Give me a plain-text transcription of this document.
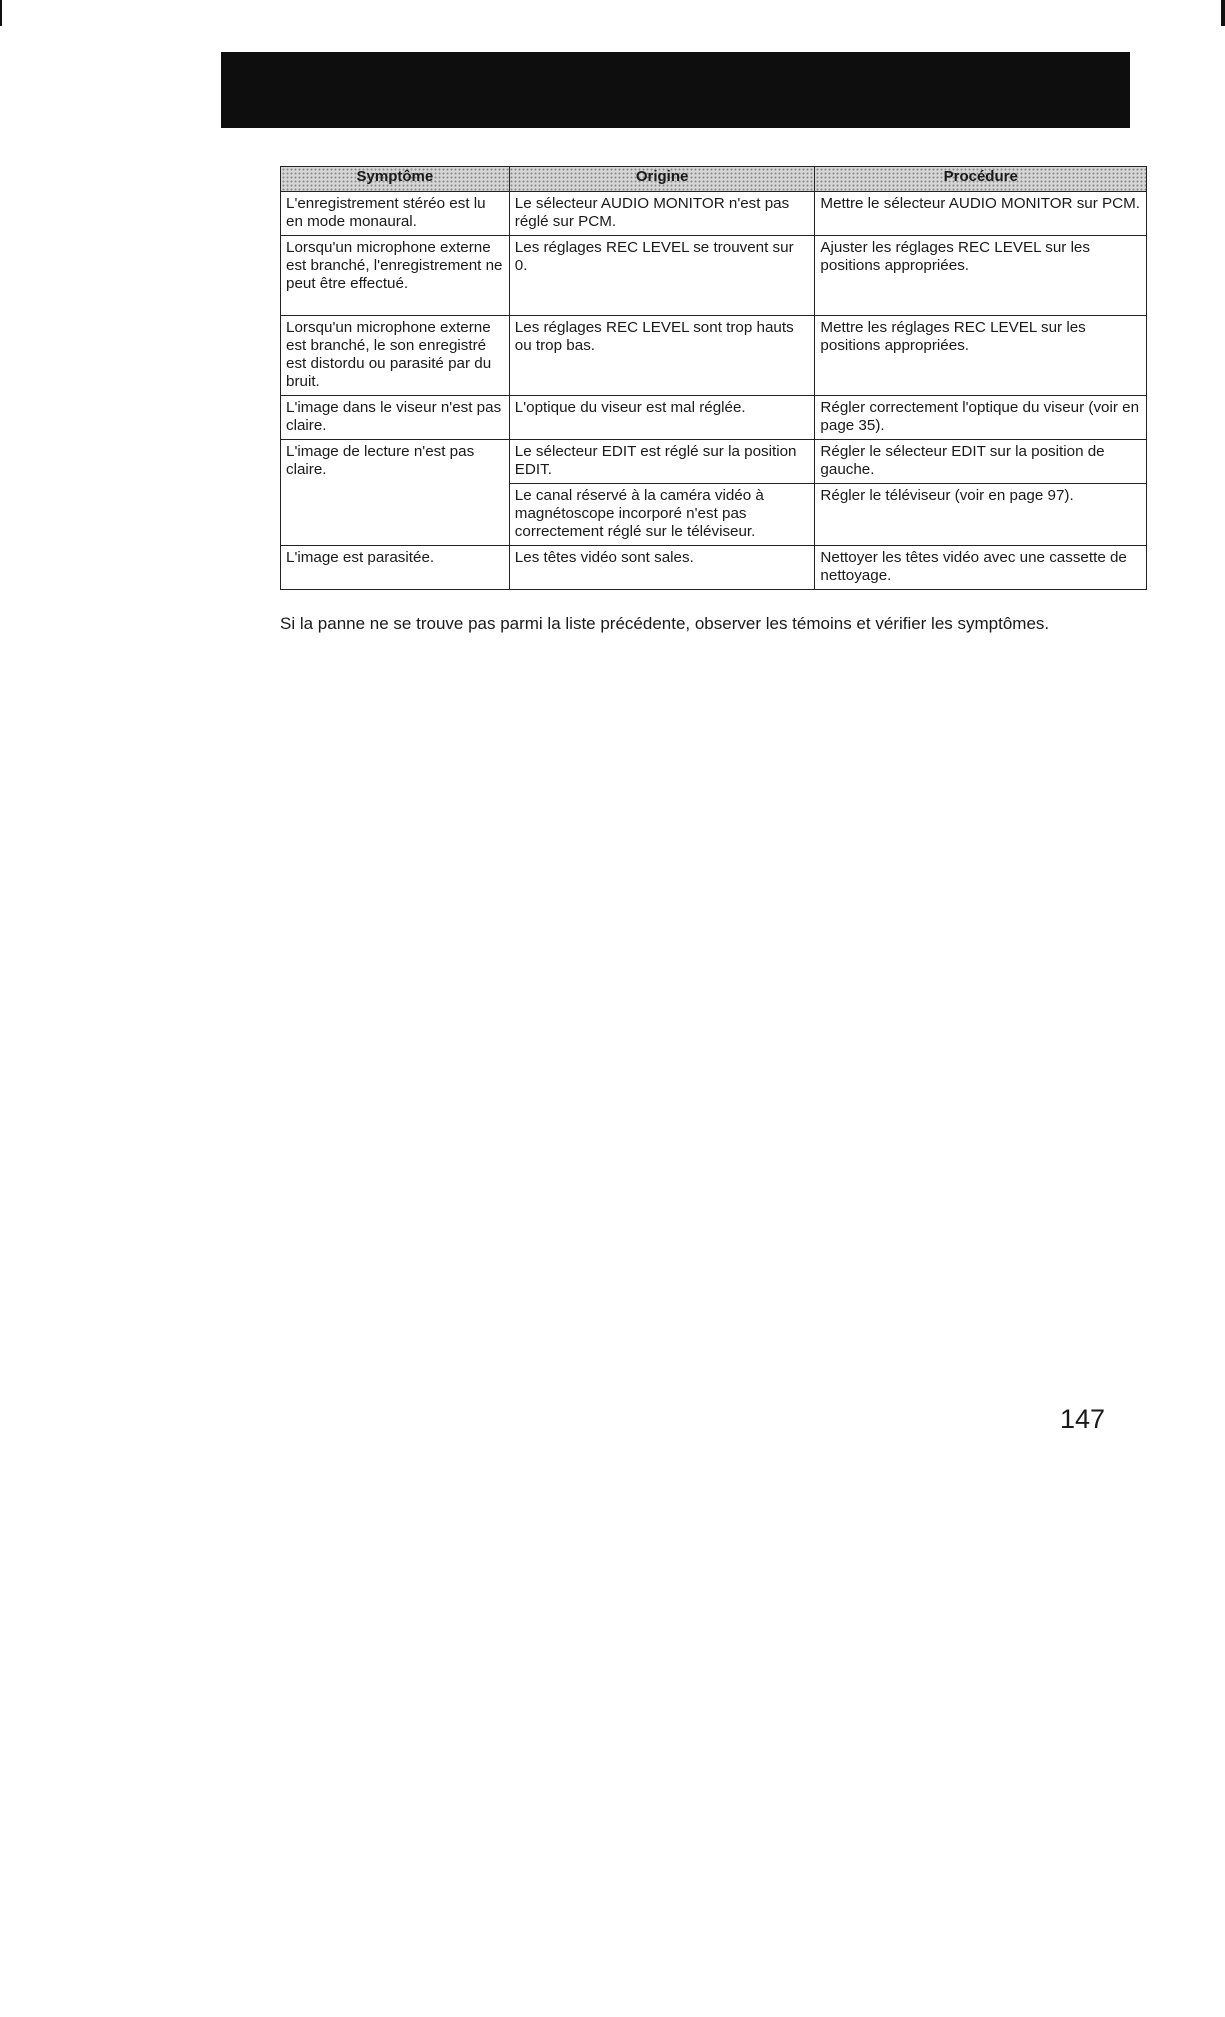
Symptôme	Origine	Procédure
L'enregistrement stéréo est lu en mode monaural.	Le sélecteur AUDIO MONITOR n'est pas réglé sur PCM.	Mettre le sélecteur AUDIO MONITOR sur PCM.
Lorsqu'un microphone externe est branché, l'enregistrement ne peut être effectué.	Les réglages REC LEVEL se trouvent sur 0.	Ajuster les réglages REC LEVEL sur les positions appropriées.
Lorsqu'un microphone externe est branché, le son enregistré est distordu ou parasité par du bruit.	Les réglages REC LEVEL sont trop hauts ou trop bas.	Mettre les réglages REC LEVEL sur les positions appropriées.
L'image dans le viseur n'est pas claire.	L'optique du viseur est mal réglée.	Régler correctement l'optique du viseur (voir en page 35).
L'image de lecture n'est pas claire.	Le sélecteur EDIT est réglé sur la position EDIT.	Régler le sélecteur EDIT sur la position de gauche.
	Le canal réservé à la caméra vidéo à magnétoscope incorporé n'est pas correctement réglé sur le téléviseur.	Régler le téléviseur (voir en page 97).
L'image est parasitée.	Les têtes vidéo sont sales.	Nettoyer les têtes vidéo avec une cassette de nettoyage.

Si la panne ne se trouve pas parmi la liste précédente, observer les témoins et vérifier les symptômes.

147
